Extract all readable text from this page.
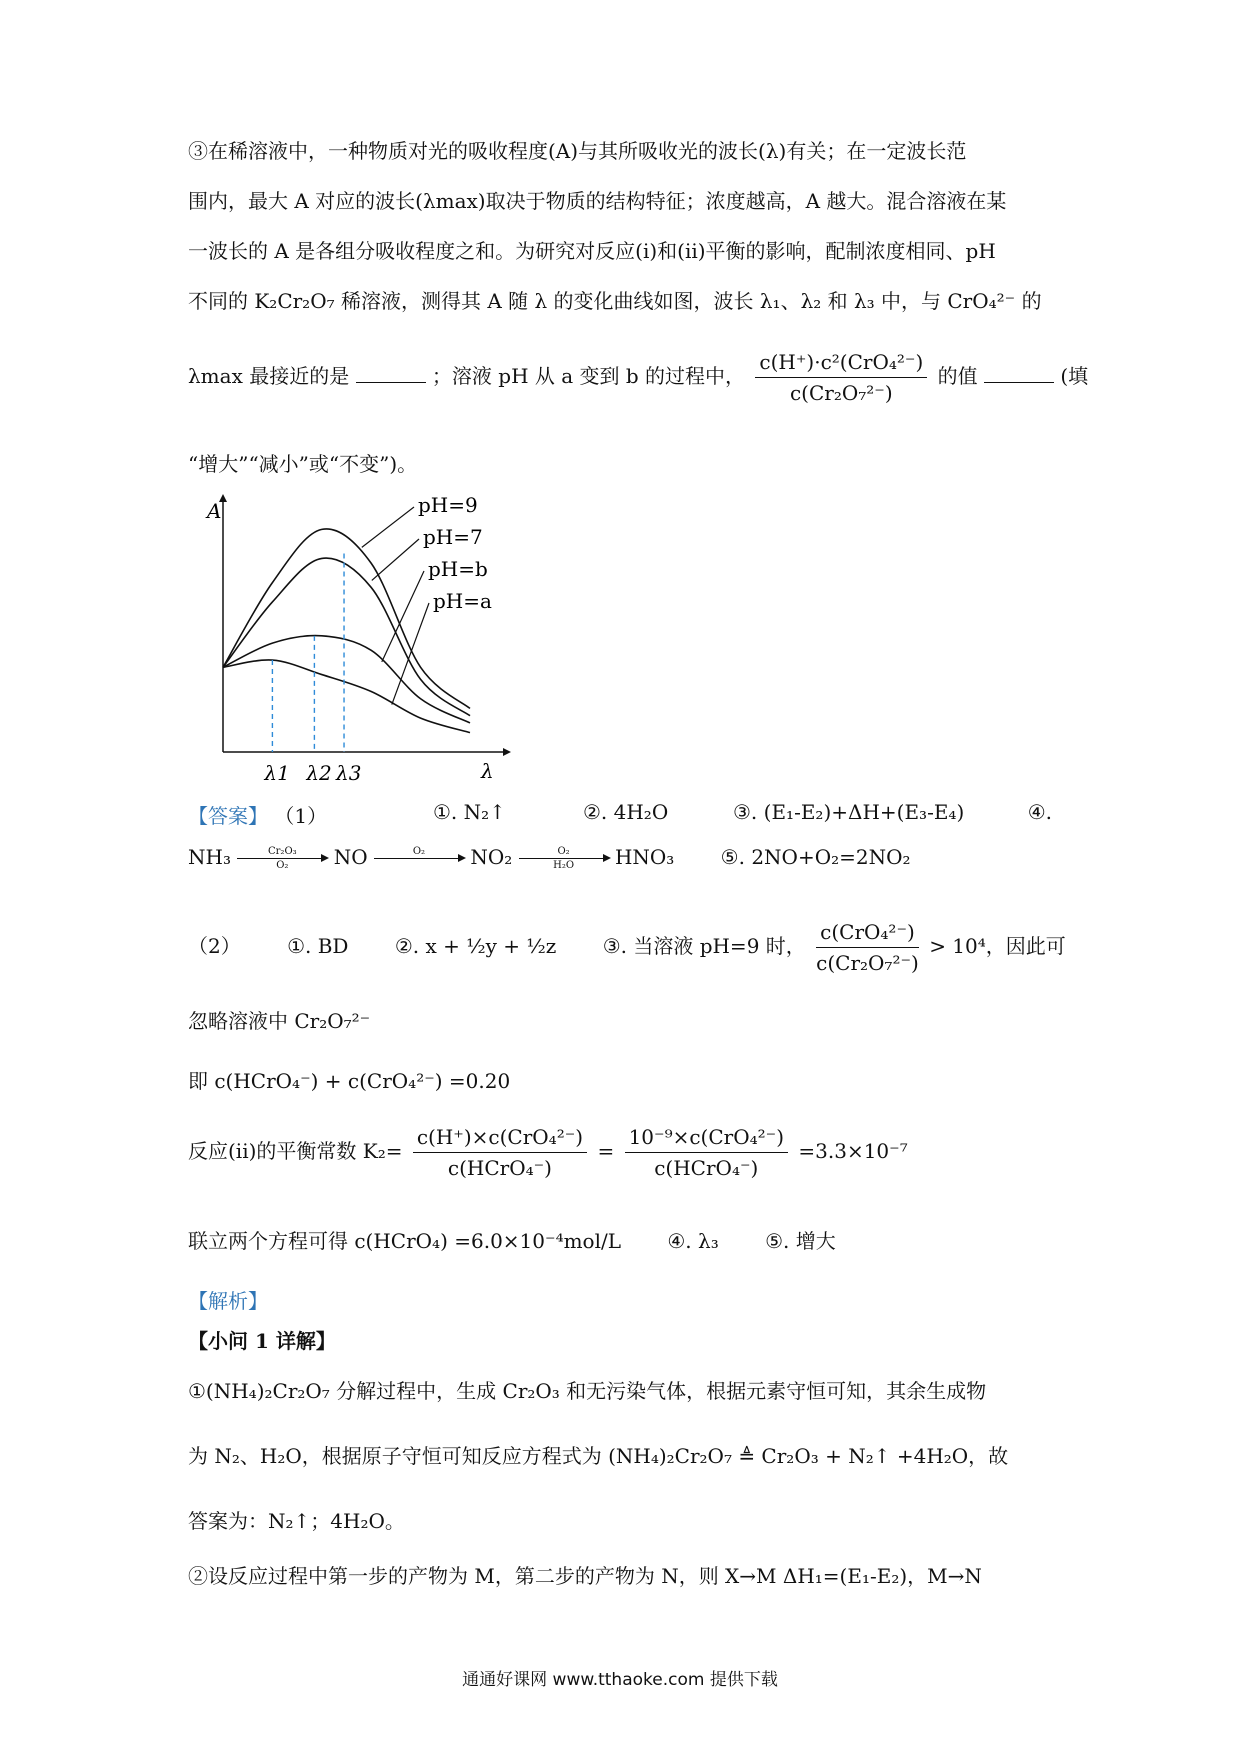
③在稀溶液中，一种物质对光的吸收程度(A)与其所吸收光的波长(λ)有关；在一定波长范
围内，最大 A 对应的波长(λmax)取决于物质的结构特征；浓度越高，A 越大。混合溶液在某
一波长的 A 是各组分吸收程度之和。为研究对反应(i)和(ii)平衡的影响，配制浓度相同、pH
不同的 K₂Cr₂O₇ 稀溶液，测得其 A 随 λ 的变化曲线如图，波长 λ₁、λ₂ 和 λ₃ 中，与 CrO₄²⁻ 的
λmax 最接近的是	；溶液 pH 从 a 变到 b 的过程中， $\frac{\text{c(H⁺)·c²(CrO₄²⁻)}}{\text{c(Cr₂O₇²⁻)}}$ 的值	(填
“增大”“减小”或“不变”)。
A
λ
pH=9
pH=7
pH=b
pH=a
λ1 λ2 λ3
【答案】 （1）	①. N₂↑	②. 4H₂O	③. (E₁-E₂)+ΔH+(E₃-E₄)	④.
$NH_3 \frac{\text{Cr₂O₃}}{\text{O₂}}$ NO	O₂ $NO_2 \frac{\text{O₂}}{\text{H₂O}} HNO_3$ ⑤. 2NO+O₂=2NO₂
（2） ①. BD ②. x + ½y + ½z ③. 当溶液 pH=9 时， $\frac{\text{c(CrO₄²⁻)}}{\text{c(Cr₂O₇²⁻)}} > 10^4$，因此可
忽略溶液中 Cr₂O₇²⁻
即 c(HCrO₄⁻) + c(CrO₄²⁻) =0.20
反应(ii)的平衡常数 $K_2= \frac{\text{c(H⁺)×c(CrO₄²⁻)}}{\text{c(HCrO₄⁻)}} = \frac{\text{10⁻⁹×c(CrO₄²⁻)}}{\text{c(HCrO₄⁻)}} =3.3\times 10^{-7}$
联立两个方程可得 c(HCrO₄) =6.0×10⁻⁴mol/L ④. λ₃ ⑤. 增大
【解析】
【小问 1 详解】
①(NH₄)₂Cr₂O₇ 分解过程中，生成 Cr₂O₃ 和无污染气体，根据元素守恒可知，其余生成物
为 N₂、H₂O，根据原子守恒可知反应方程式为 (NH₄)₂Cr₂O₇ ≜ Cr₂O₃ + N₂↑ +4H₂O，故
答案为：N₂↑；4H₂O。
②设反应过程中第一步的产物为 M，第二步的产物为 N，则 X→M ΔH₁=(E₁-E₂)，M→N
通通好课网 www.tthaoke.com 提供下载
